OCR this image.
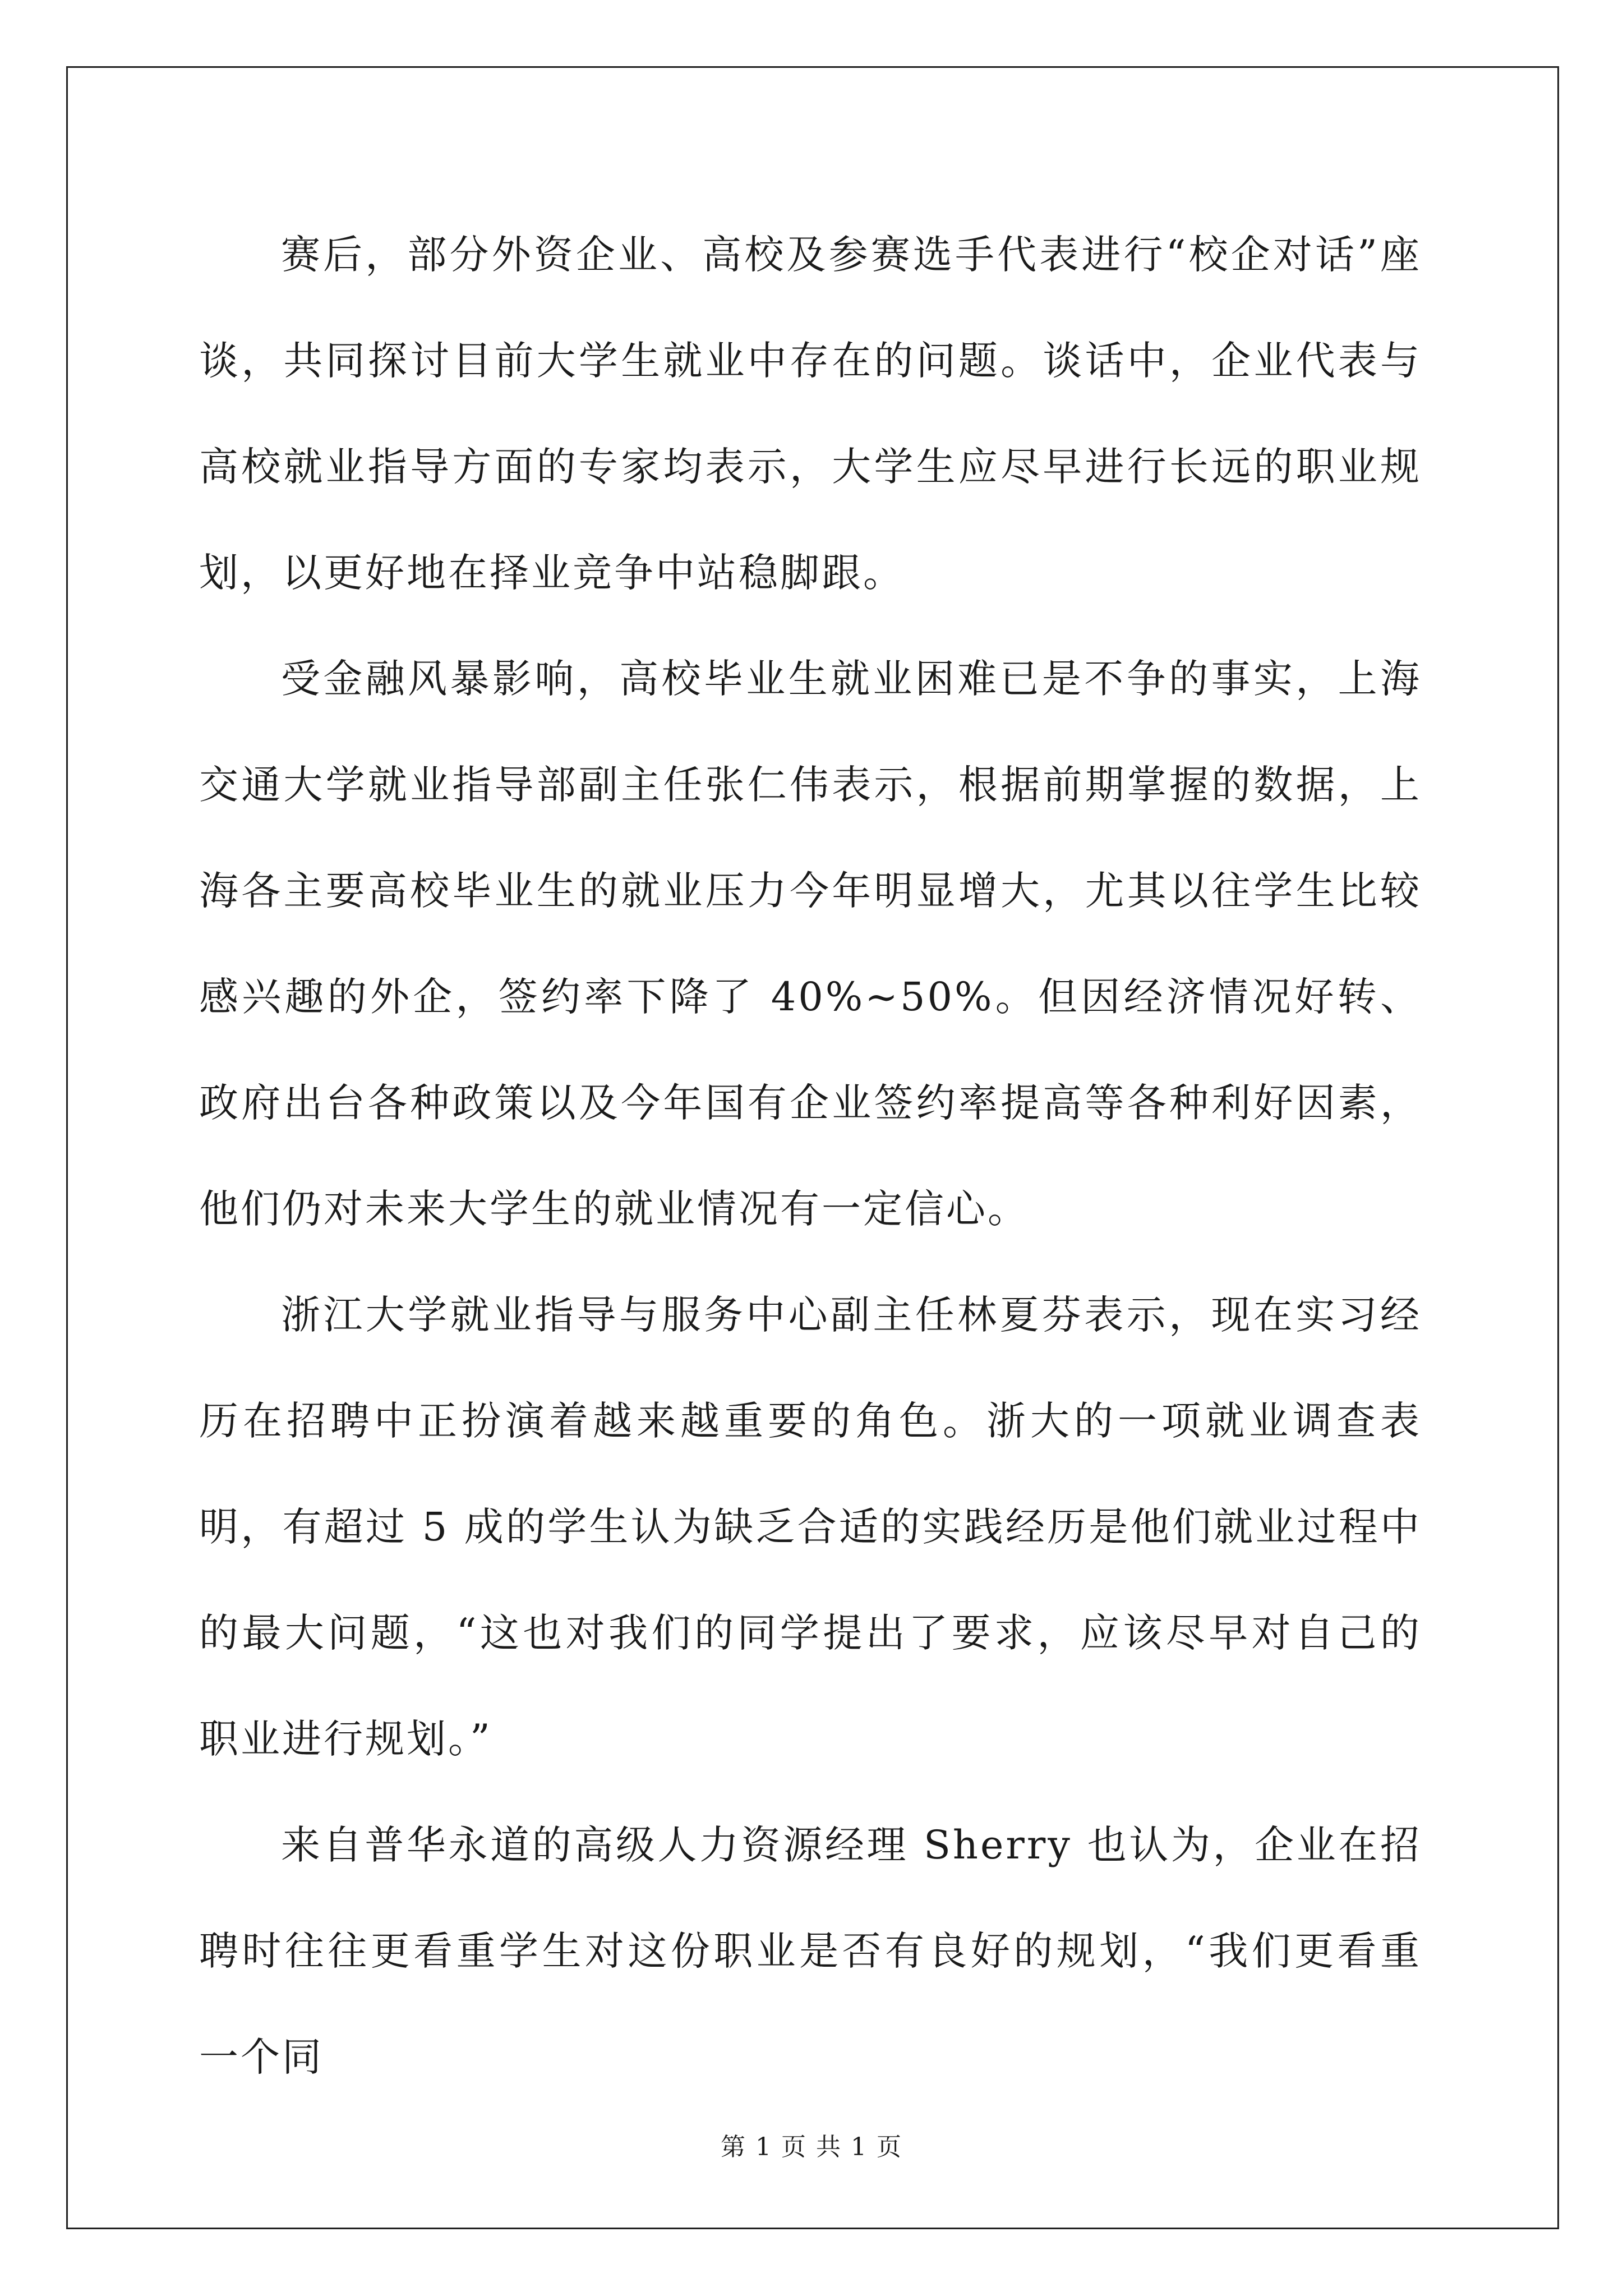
赛后，部分外资企业、高校及参赛选手代表进行“校企对话”座谈，共同探讨目前大学生就业中存在的问题。谈话中，企业代表与高校就业指导方面的专家均表示，大学生应尽早进行长远的职业规划，以更好地在择业竞争中站稳脚跟。

受金融风暴影响，高校毕业生就业困难已是不争的事实，上海交通大学就业指导部副主任张仁伟表示，根据前期掌握的数据，上海各主要高校毕业生的就业压力今年明显增大，尤其以往学生比较感兴趣的外企，签约率下降了 40%~50%。但因经济情况好转、政府出台各种政策以及今年国有企业签约率提高等各种利好因素，他们仍对未来大学生的就业情况有一定信心。

浙江大学就业指导与服务中心副主任林夏芬表示，现在实习经历在招聘中正扮演着越来越重要的角色。浙大的一项就业调查表明，有超过 5 成的学生认为缺乏合适的实践经历是他们就业过程中的最大问题，“这也对我们的同学提出了要求，应该尽早对自己的职业进行规划。”

来自普华永道的高级人力资源经理 Sherry 也认为，企业在招聘时往往更看重学生对这份职业是否有良好的规划，“我们更看重一个同

第 1 页 共 1 页
